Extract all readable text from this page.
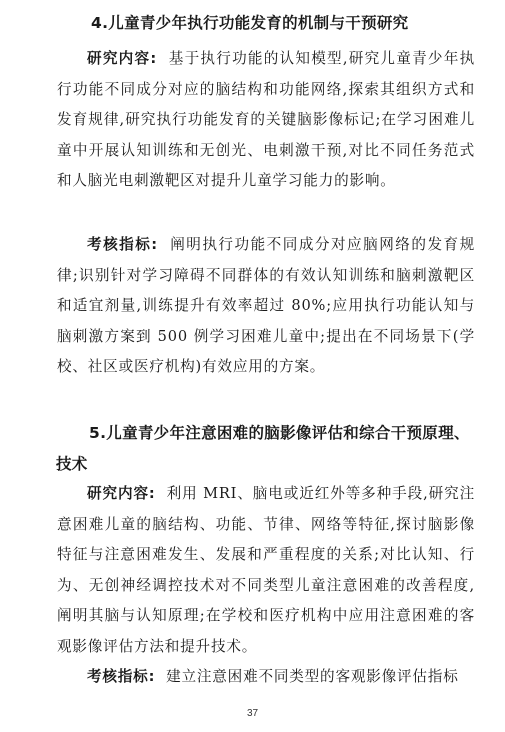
4.儿童青少年执行功能发育的机制与干预研究

研究内容: 基于执行功能的认知模型,研究儿童青少年执行功能不同成分对应的脑结构和功能网络,探索其组织方式和发育规律,研究执行功能发育的关键脑影像标记;在学习困难儿童中开展认知训练和无创光、电刺激干预,对比不同任务范式和人脑光电刺激靶区对提升儿童学习能力的影响。

考核指标: 阐明执行功能不同成分对应脑网络的发育规律;识别针对学习障碍不同群体的有效认知训练和脑刺激靶区和适宜剂量,训练提升有效率超过 80%;应用执行功能认知与脑刺激方案到 500 例学习困难儿童中;提出在不同场景下(学校、社区或医疗机构)有效应用的方案。

5.儿童青少年注意困难的脑影像评估和综合干预原理、技术

研究内容: 利用 MRI、脑电或近红外等多种手段,研究注意困难儿童的脑结构、功能、节律、网络等特征,探讨脑影像特征与注意困难发生、发展和严重程度的关系;对比认知、行为、无创神经调控技术对不同类型儿童注意困难的改善程度,阐明其脑与认知原理;在学校和医疗机构中应用注意困难的客观影像评估方法和提升技术。

考核指标: 建立注意困难不同类型的客观影像评估指标

37
